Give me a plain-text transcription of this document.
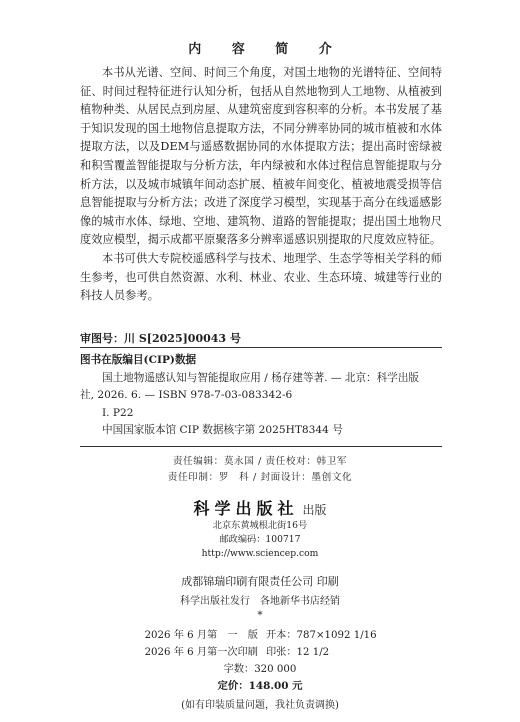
内 容 简 介

本书从光谱、空间、时间三个角度，对国土地物的光谱特征、空间特征、时间过程特征进行认知分析，包括从自然地物到人工地物、从植被到植物种类、从居民点到房屋、从建筑密度到容积率的分析。本书发展了基于知识发现的国土地物信息提取方法，不同分辨率协同的城市植被和水体提取方法，以及DEM与遥感数据协同的水体提取方法；提出高时密绿被和积雪覆盖智能提取与分析方法，年内绿被和水体过程信息智能提取与分析方法，以及城市城镇年间动态扩展、植被年间变化、植被地震受损等信息智能提取与分析方法；改进了深度学习模型，实现基于高分在线遥感影像的城市水体、绿地、空地、建筑物、道路的智能提取；提出国土地物尺度效应模型，揭示成都平原聚落多分辨率遥感识别提取的尺度效应特征。

本书可供大专院校遥感科学与技术、地理学、生态学等相关学科的师生参考，也可供自然资源、水利、林业、农业、生态环境、城建等行业的科技人员参考。

审图号：川 S[2025]00043 号
图书在版编目(CIP)数据
国土地物遥感认知与智能提取应用 / 杨存建等著. — 北京：科学出版
社, 2026. 6. — ISBN 978-7-03-083342-6
Ⅰ. P22
中国国家版本馆 CIP 数据核字第 2025HT8344 号
责任编辑：莫永国 / 责任校对：韩卫军
责任印制：罗　科 / 封面设计：墨创文化
科学出版社 出版
北京东黄城根北街16号
邮政编码：100717
http://www.sciencep.com
成都锦瑞印刷有限责任公司 印刷
科学出版社发行　各地新华书店经销
*
2026 年 6 月第　一　版 开本：787×1092 1/16
2026 年 6 月第一次印刷 印张：12 1/2
字数：320 000
定价：148.00 元
(如有印装质量问题，我社负责调换)
